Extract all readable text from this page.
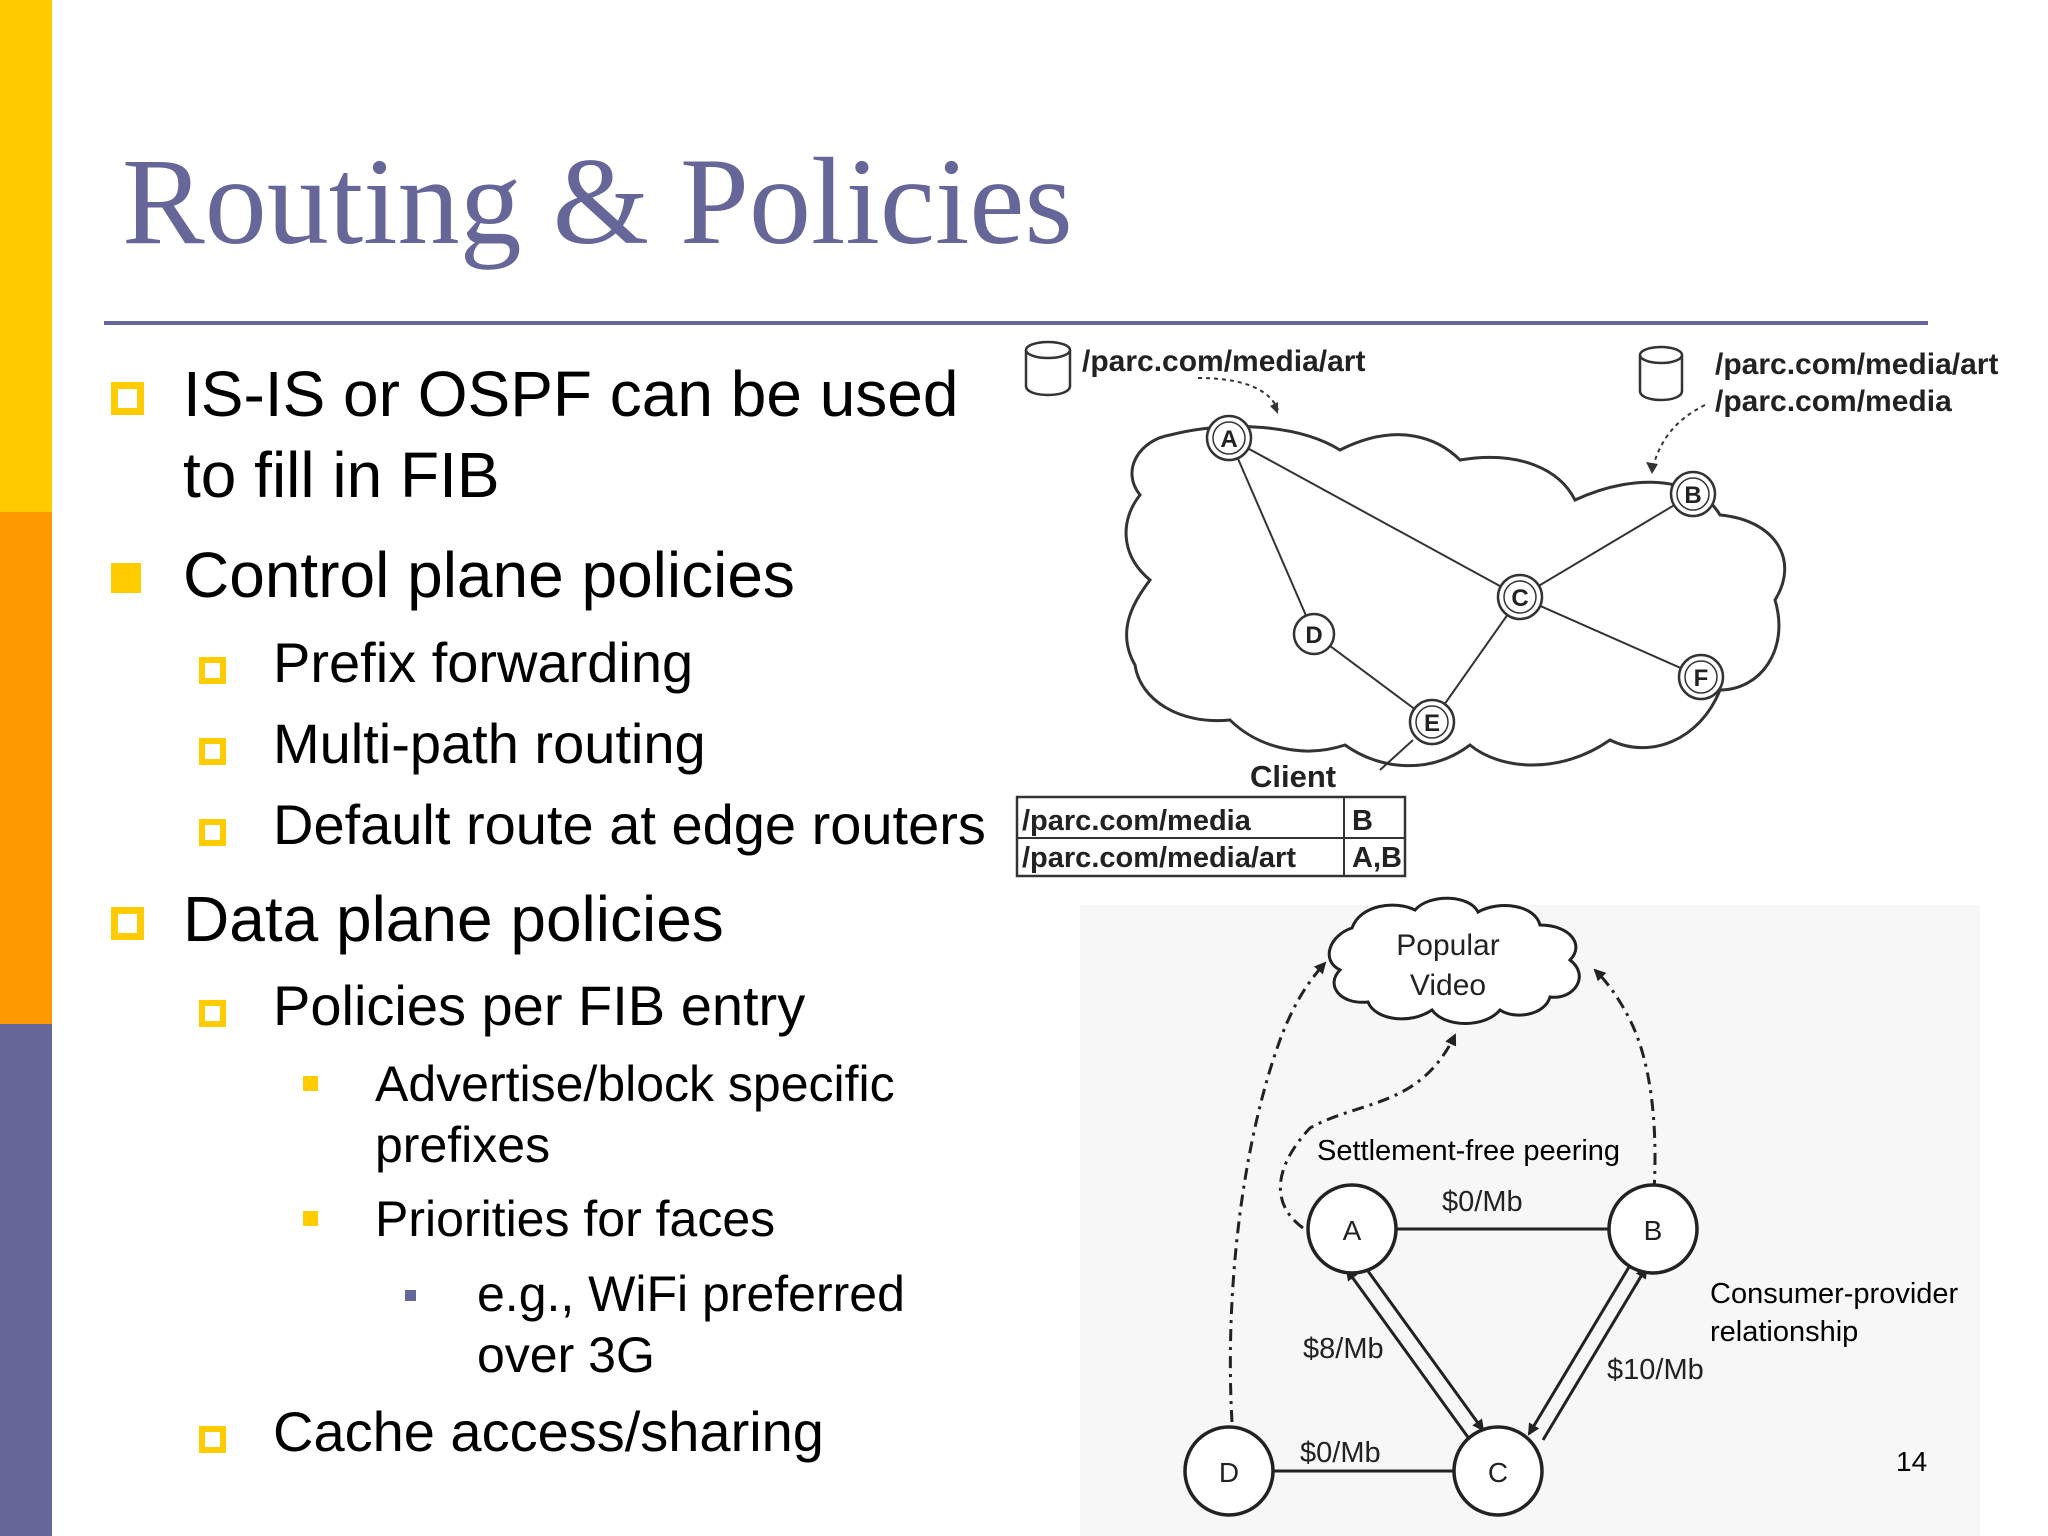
Routing & Policies
IS-IS or OSPF can be used
to fill in FIB
Control plane policies
Prefix forwarding
Multi-path routing
Default route at edge routers
Data plane policies
Policies per FIB entry
Advertise/block specific
prefixes
Priorities for faces
e.g., WiFi preferred
over 3G
Cache access/sharing
A
B
C
D
E
F
/parc.com/media/art	/parc.com/media/art
/parc.com/media
Client
/parc.com/media	B
/parc.com/media/art A,B
Popular
Video
A	B
C
D
Settlement-free peering
$0/Mb
$8/Mb
$10/Mb
$0/Mb
Consumer-provider
relationship
14
